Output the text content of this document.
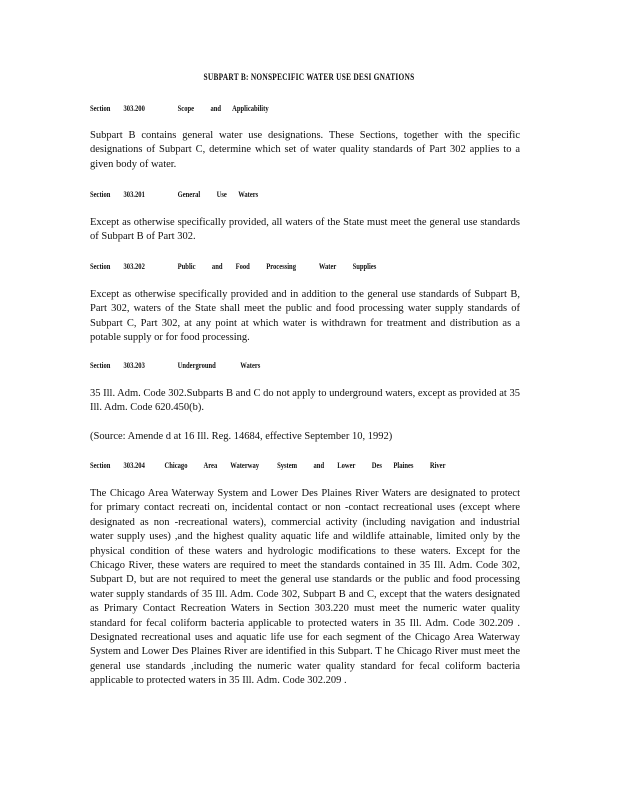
SUBPART B: NONSPECIFIC WATER USE DESI GNATIONS
Section        303.200                    Scope          and       Applicability
Subpart B contains general water use designations. These Sections, together with the specific designations of Subpart C, determine which set of water quality standards of Part 302 applies to a given body of water.
Section        303.201                    General          Use       Waters
Except as otherwise specifically provided, all waters of the State must meet the general use standards of Subpart B of Part 302.
Section        303.202                    Public          and        Food          Processing              Water          Supplies
Except as otherwise specifically provided and in addition to the general use standards of Subpart B, Part 302, waters of the State shall meet the public and food processing water supply standards of Subpart C, Part 302, at any point at which water is withdrawn for treatment and distribution as a potable supply or for food processing.
Section        303.203                    Underground               Waters
35 Ill. Adm. Code 302.Subparts B and C do not apply to underground waters, except as provided at 35 Ill. Adm. Code 620.450(b).
(Source: Amende d at 16 Ill. Reg. 14684, effective September 10, 1992)
Section        303.204            Chicago          Area        Waterway           System          and        Lower          Des       Plaines          River
The Chicago Area Waterway System and Lower Des Plaines River Waters are designated to protect for primary contact recreati on, incidental contact or non -contact recreational uses (except where designated as non -recreational waters), commercial activity (including navigation and industrial water supply uses) ,and the highest quality aquatic life and wildlife attainable, limited only by the physical condition of these waters and hydrologic modifications to these waters. Except for the Chicago River, these waters are required to meet the standards contained in 35 Ill. Adm. Code 302, Subpart D, but are not required to meet the general use standards or the public and food processing water supply standards of 35 Ill. Adm. Code 302, Subpart B and C, except that the waters designated as Primary Contact Recreation Waters in Section 303.220 must meet the numeric water quality standard for fecal coliform bacteria applicable to protected waters in 35 Ill. Adm. Code 302.209 . Designated recreational uses and aquatic life use for each segment of the Chicago Area Waterway System and Lower Des Plaines River are identified in this Subpart. T he Chicago River must meet the general use standards ,including the numeric water quality standard for fecal coliform bacteria applicable to protected waters in 35 Ill. Adm. Code 302.209 .
